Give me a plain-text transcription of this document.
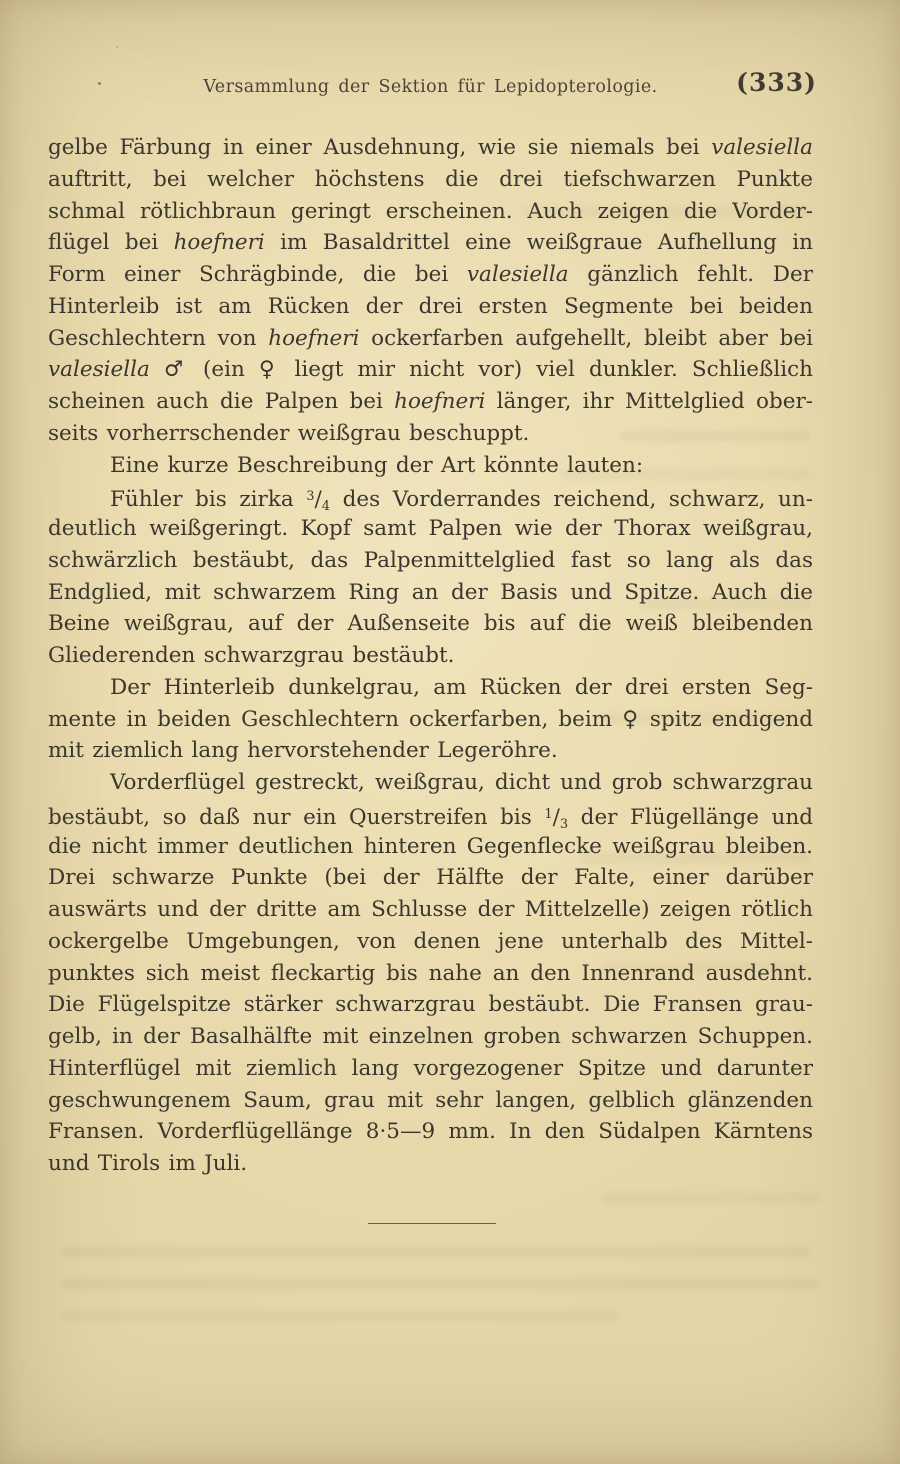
Versammlung der Sektion für Lepidopterologie.	(333)
gelbe Färbung in einer Ausdehnung, wie sie niemals bei valesiella
auftritt, bei welcher höchstens die drei tiefschwarzen Punkte
schmal rötlichbraun geringt erscheinen. Auch zeigen die Vorder-
flügel bei hoefneri im Basaldrittel eine weißgraue Aufhellung in
Form einer Schrägbinde, die bei valesiella gänzlich fehlt. Der
Hinterleib ist am Rücken der drei ersten Segmente bei beiden
Geschlechtern von hoefneri ockerfarben aufgehellt, bleibt aber bei
valesiella ♂ (ein ♀ liegt mir nicht vor) viel dunkler. Schließlich
scheinen auch die Palpen bei hoefneri länger, ihr Mittelglied ober-
seits vorherrschender weißgrau beschuppt.
Eine kurze Beschreibung der Art könnte lauten:
Fühler bis zirka $^3/_4$ des Vorderrandes reichend, schwarz, un-
deutlich weißgeringt. Kopf samt Palpen wie der Thorax weißgrau,
schwärzlich bestäubt, das Palpenmittelglied fast so lang als das
Endglied, mit schwarzem Ring an der Basis und Spitze. Auch die
Beine weißgrau, auf der Außenseite bis auf die weiß bleibenden
Gliederenden schwarzgrau bestäubt.
Der Hinterleib dunkelgrau, am Rücken der drei ersten Seg-
mente in beiden Geschlechtern ockerfarben, beim ♀ spitz endigend
mit ziemlich lang hervorstehender Legeröhre.
Vorderflügel gestreckt, weißgrau, dicht und grob schwarzgrau
bestäubt, so daß nur ein Querstreifen bis $^1/_3$ der Flügellänge und
die nicht immer deutlichen hinteren Gegenflecke weißgrau bleiben.
Drei schwarze Punkte (bei der Hälfte der Falte, einer darüber
auswärts und der dritte am Schlusse der Mittelzelle) zeigen rötlich
ockergelbe Umgebungen, von denen jene unterhalb des Mittel-
punktes sich meist fleckartig bis nahe an den Innenrand ausdehnt.
Die Flügelspitze stärker schwarzgrau bestäubt. Die Fransen grau-
gelb, in der Basalhälfte mit einzelnen groben schwarzen Schuppen.
Hinterflügel mit ziemlich lang vorgezogener Spitze und darunter
geschwungenem Saum, grau mit sehr langen, gelblich glänzenden
Fransen. Vorderflügellänge 8·5—9 mm. In den Südalpen Kärntens
und Tirols im Juli.
